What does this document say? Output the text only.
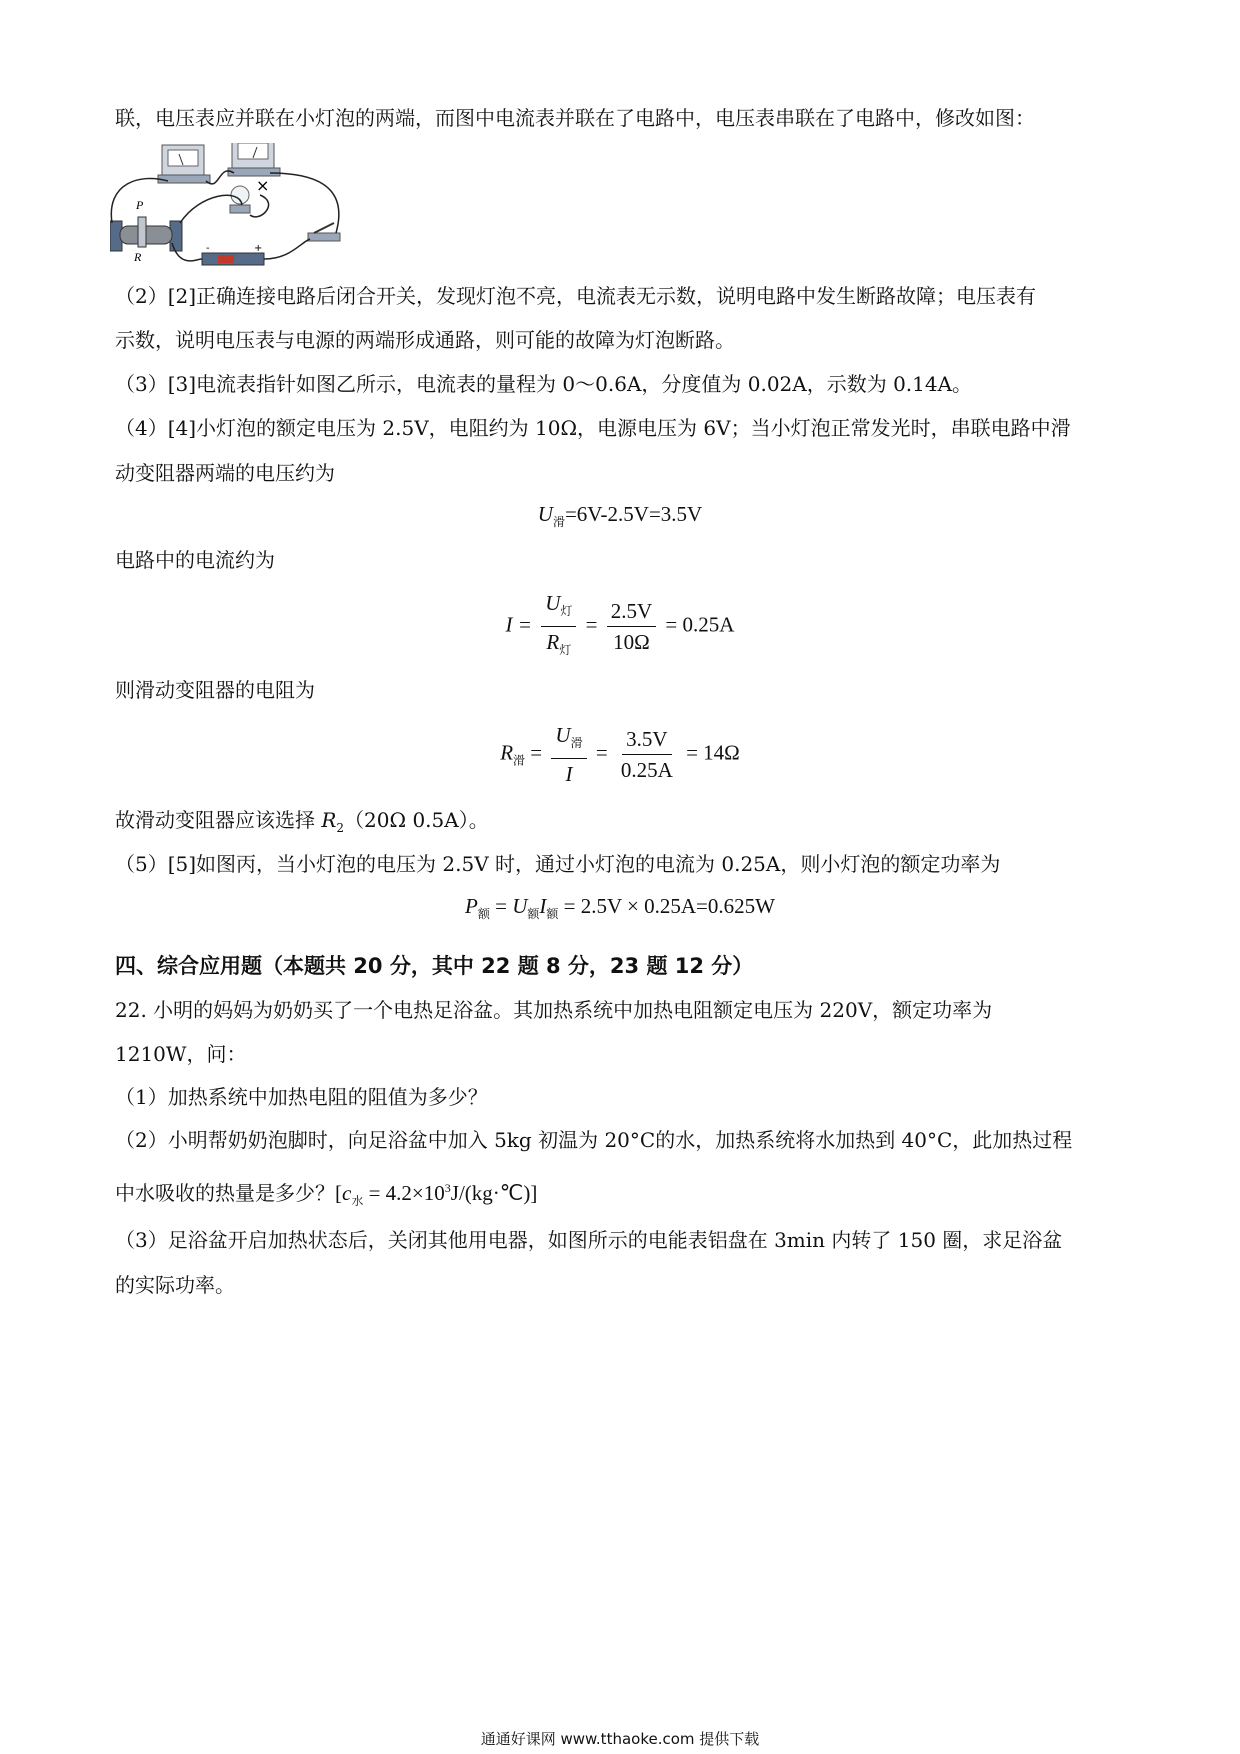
联，电压表应并联在小灯泡的两端，而图中电流表并联在了电路中，电压表串联在了电路中，修改如图：
×
P
R
-	+
（2）[2]正确连接电路后闭合开关，发现灯泡不亮，电流表无示数，说明电路中发生断路故障；电压表有
示数，说明电压表与电源的两端形成通路，则可能的故障为灯泡断路。
（3）[3]电流表指针如图乙所示，电流表的量程为 0～0.6A，分度值为 0.02A，示数为 0.14A。
（4）[4]小灯泡的额定电压为 2.5V，电阻约为 10Ω，电源电压为 6V；当小灯泡正常发光时，串联电路中滑
动变阻器两端的电压约为
$U_滑=6V-2.5V=3.5V$
电路中的电流约为
$I = \frac{U_灯}{R_灯} = \frac{2.5V}{10\Omega} = 0.25A$
则滑动变阻器的电阻为
$R_滑 = \frac{U_滑}{I} = \frac{3.5V}{0.25A} = 14\Omega$
故滑动变阻器应该选择 $R_2(20\Omega$ 0.5A）。
（5）[5]如图丙，当小灯泡的电压为 2.5V 时，通过小灯泡的电流为 0.25A，则小灯泡的额定功率为
$P_额 = U_额I_额 = 2.5V \times 0.25A=0.625W$
四、综合应用题（本题共 20 分，其中 22 题 8 分，23 题 12 分）
22. 小明的妈妈为奶奶买了一个电热足浴盆。其加热系统中加热电阻额定电压为 220V，额定功率为
1210W，问：
（1）加热系统中加热电阻的阻值为多少？
（2）小明帮奶奶泡脚时，向足浴盆中加入 5kg 初温为 20°C的水，加热系统将水加热到 40°C，此加热过程
中水吸收的热量是多少？[$c_水$ = $4.2\times 10^3J/(kg\cdot℃)$]
（3）足浴盆开启加热状态后，关闭其他用电器，如图所示的电能表铝盘在 3min 内转了 150 圈，求足浴盆
的实际功率。
通通好课网 www.tthaoke.com 提供下载
